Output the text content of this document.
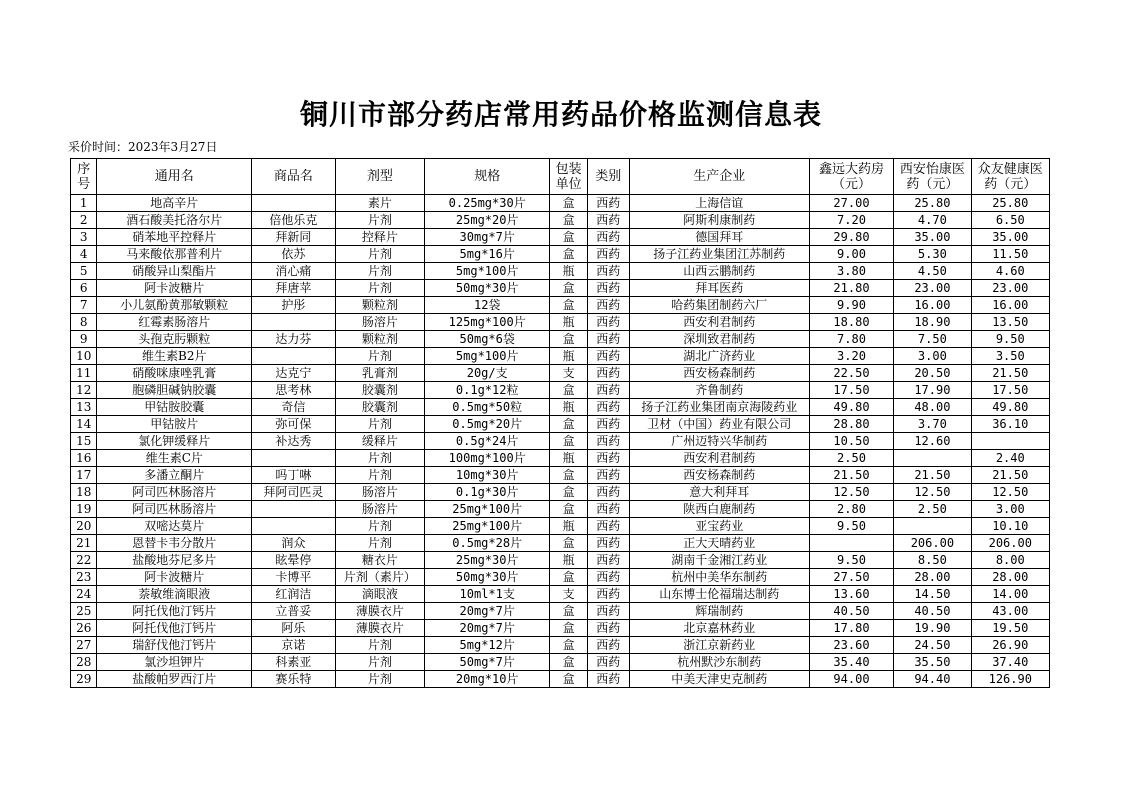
铜川市部分药店常用药品价格监测信息表
采价时间：2023年3月27日
序号	通用名	商品名	剂型	规格	包装单位	类别	生产企业	鑫远大药房（元）	西安怡康医药（元）	众友健康医药（元）
1	地高辛片		素片	0.25mg*30片	盒	西药	上海信谊	27.00	25.80	25.80
2	酒石酸美托洛尔片	倍他乐克	片剂	25mg*20片	盒	西药	阿斯利康制药	7.20	4.70	6.50
3	硝苯地平控释片	拜新同	控释片	30mg*7片	盒	西药	德国拜耳	29.80	35.00	35.00
4	马来酸依那普利片	依苏	片剂	5mg*16片	盒	西药	扬子江药业集团江苏制药	9.00	5.30	11.50
5	硝酸异山梨酯片	消心痛	片剂	5mg*100片	瓶	西药	山西云鹏制药	3.80	4.50	4.60
6	阿卡波糖片	拜唐苹	片剂	50mg*30片	盒	西药	拜耳医药	21.80	23.00	23.00
7	小儿氨酚黄那敏颗粒	护彤	颗粒剂	12袋	盒	西药	哈药集团制药六厂	9.90	16.00	16.00
8	红霉素肠溶片		肠溶片	125mg*100片	瓶	西药	西安利君制药	18.80	18.90	13.50
9	头孢克肟颗粒	达力芬	颗粒剂	50mg*6袋	盒	西药	深圳致君制药	7.80	7.50	9.50
10	维生素B2片		片剂	5mg*100片	瓶	西药	湖北广济药业	3.20	3.00	3.50
11	硝酸咪康唑乳膏	达克宁	乳膏剂	20g/支	支	西药	西安杨森制药	22.50	20.50	21.50
12	胞磷胆碱钠胶囊	思考林	胶囊剂	0.1g*12粒	盒	西药	齐鲁制药	17.50	17.90	17.50
13	甲钴胺胶囊	奇信	胶囊剂	0.5mg*50粒	瓶	西药	扬子江药业集团南京海陵药业	49.80	48.00	49.80
14	甲钴胺片	弥可保	片剂	0.5mg*20片	盒	西药	卫材（中国）药业有限公司	28.80	3.70	36.10
15	氯化钾缓释片	补达秀	缓释片	0.5g*24片	盒	西药	广州迈特兴华制药	10.50	12.60	
16	维生素C片		片剂	100mg*100片	瓶	西药	西安利君制药	2.50		2.40
17	多潘立酮片	吗丁啉	片剂	10mg*30片	盒	西药	西安杨森制药	21.50	21.50	21.50
18	阿司匹林肠溶片	拜阿司匹灵	肠溶片	0.1g*30片	盒	西药	意大利拜耳	12.50	12.50	12.50
19	阿司匹林肠溶片		肠溶片	25mg*100片	盒	西药	陕西白鹿制药	2.80	2.50	3.00
20	双嘧达莫片		片剂	25mg*100片	瓶	西药	亚宝药业	9.50		10.10
21	恩替卡韦分散片	润众	片剂	0.5mg*28片	盒	西药	正大天晴药业		206.00	206.00
22	盐酸地芬尼多片	眩晕停	糖衣片	25mg*30片	瓶	西药	湖南千金湘江药业	9.50	8.50	8.00
23	阿卡波糖片	卡博平	片剂（素片）	50mg*30片	盒	西药	杭州中美华东制药	27.50	28.00	28.00
24	萘敏维滴眼液	红润洁	滴眼液	10ml*1支	支	西药	山东博士伦福瑞达制药	13.60	14.50	14.00
25	阿托伐他汀钙片	立普妥	薄膜衣片	20mg*7片	盒	西药	辉瑞制药	40.50	40.50	43.00
26	阿托伐他汀钙片	阿乐	薄膜衣片	20mg*7片	盒	西药	北京嘉林药业	17.80	19.90	19.50
27	瑞舒伐他汀钙片	京诺	片剂	5mg*12片	盒	西药	浙江京新药业	23.60	24.50	26.90
28	氯沙坦钾片	科素亚	片剂	50mg*7片	盒	西药	杭州默沙东制药	35.40	35.50	37.40
29	盐酸帕罗西汀片	赛乐特	片剂	20mg*10片	盒	西药	中美天津史克制药	94.00	94.40	126.90
